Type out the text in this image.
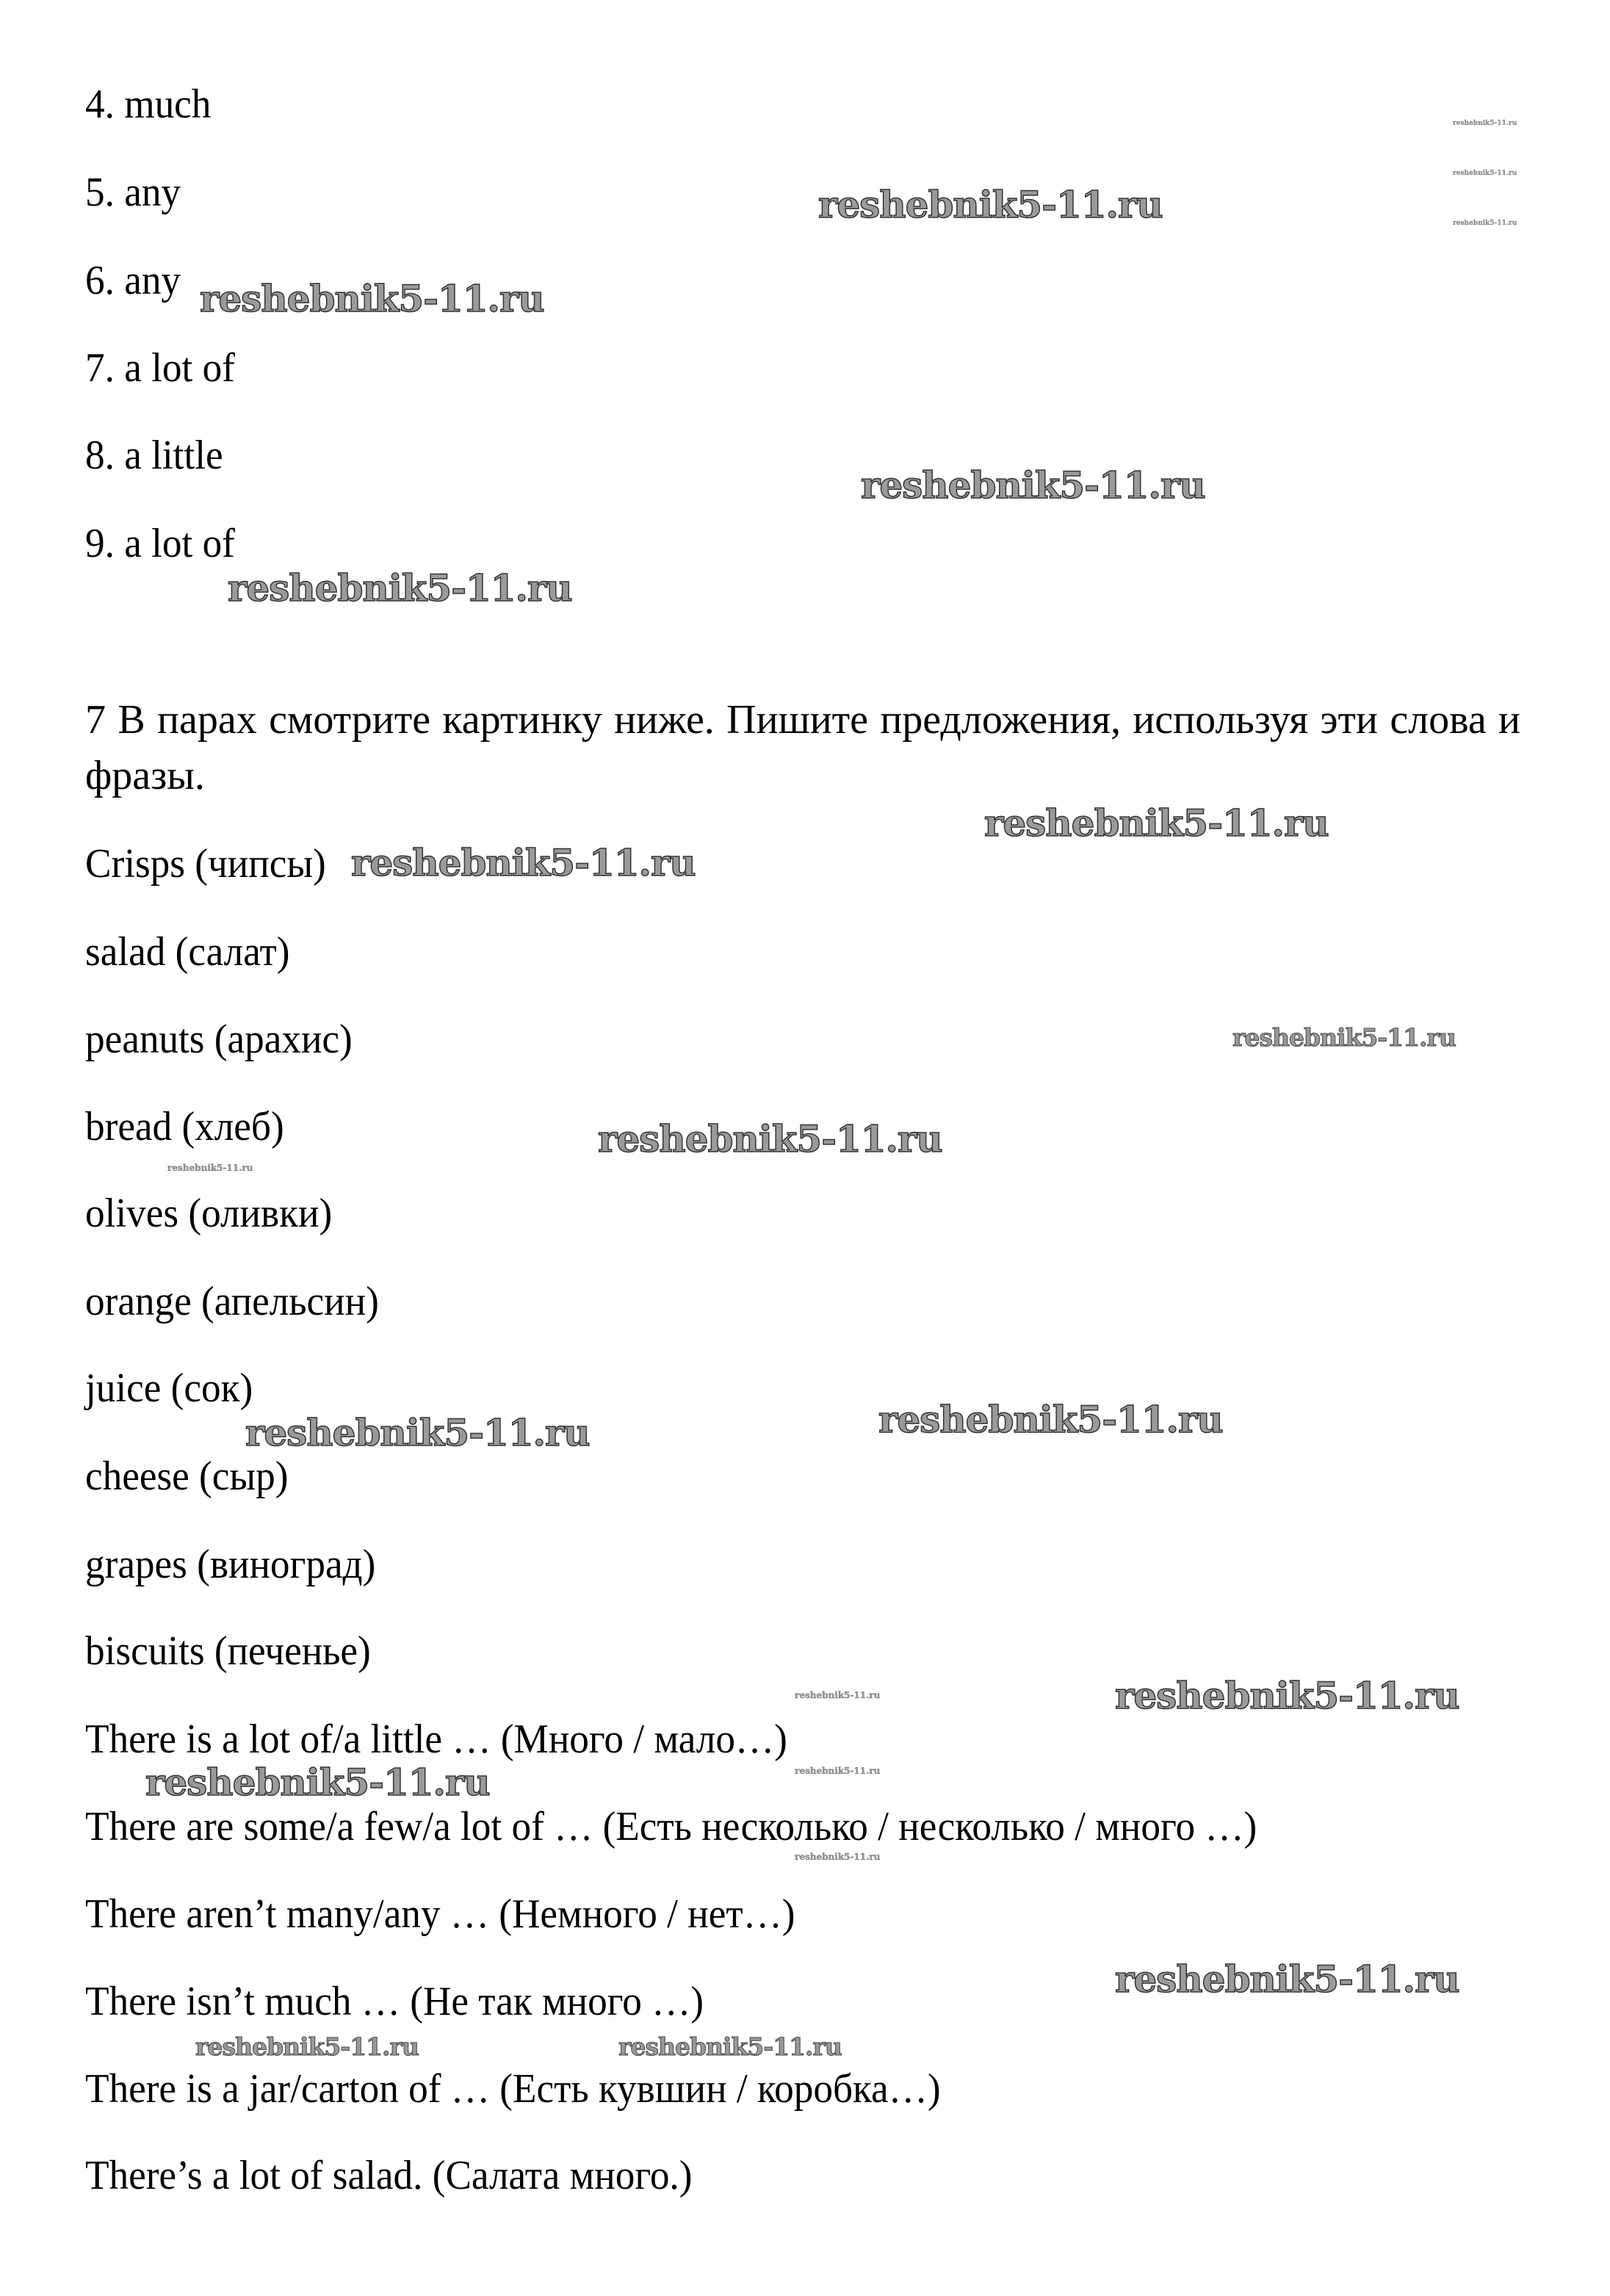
4. much
5. any
6. any
7. a lot of
8. a little
9. a lot of
7 В парах смотрите картинку ниже. Пишите предложения, используя эти слова и фразы.
Crisps (чипсы)
salad (салат)
peanuts (арахис)
bread (хлеб)
olives (оливки)
orange (апельсин)
juice (сок)
cheese (сыр)
grapes (виноград)
biscuits (печенье)
There is a lot of/a little … (Много / мало…)
There are some/a few/a lot of … (Есть несколько / несколько / много …)
There aren’t many/any … (Немного / нет…)
There isn’t much … (Не так много …)
There is a jar/carton of … (Есть кувшин / коробка…)
There’s a lot of salad. (Салата много.)
reshebnik5-11.ru
reshebnik5-11.ru
reshebnik5-11.ru
reshebnik5-11.ru
reshebnik5-11.ru
reshebnik5-11.ru
reshebnik5-11.ru
reshebnik5-11.ru
reshebnik5-11.ru
reshebnik5-11.ru
reshebnik5-11.ru
reshebnik5-11.ru
reshebnik5-11.ru	reshebnik5-11.ru
reshebnik5-11.ru	reshebnik5-11.ru
reshebnik5-11.ru	reshebnik5-11.ru
reshebnik5-11.ru
reshebnik5-11.ru
reshebnik5-11.ru	reshebnik5-11.ru
